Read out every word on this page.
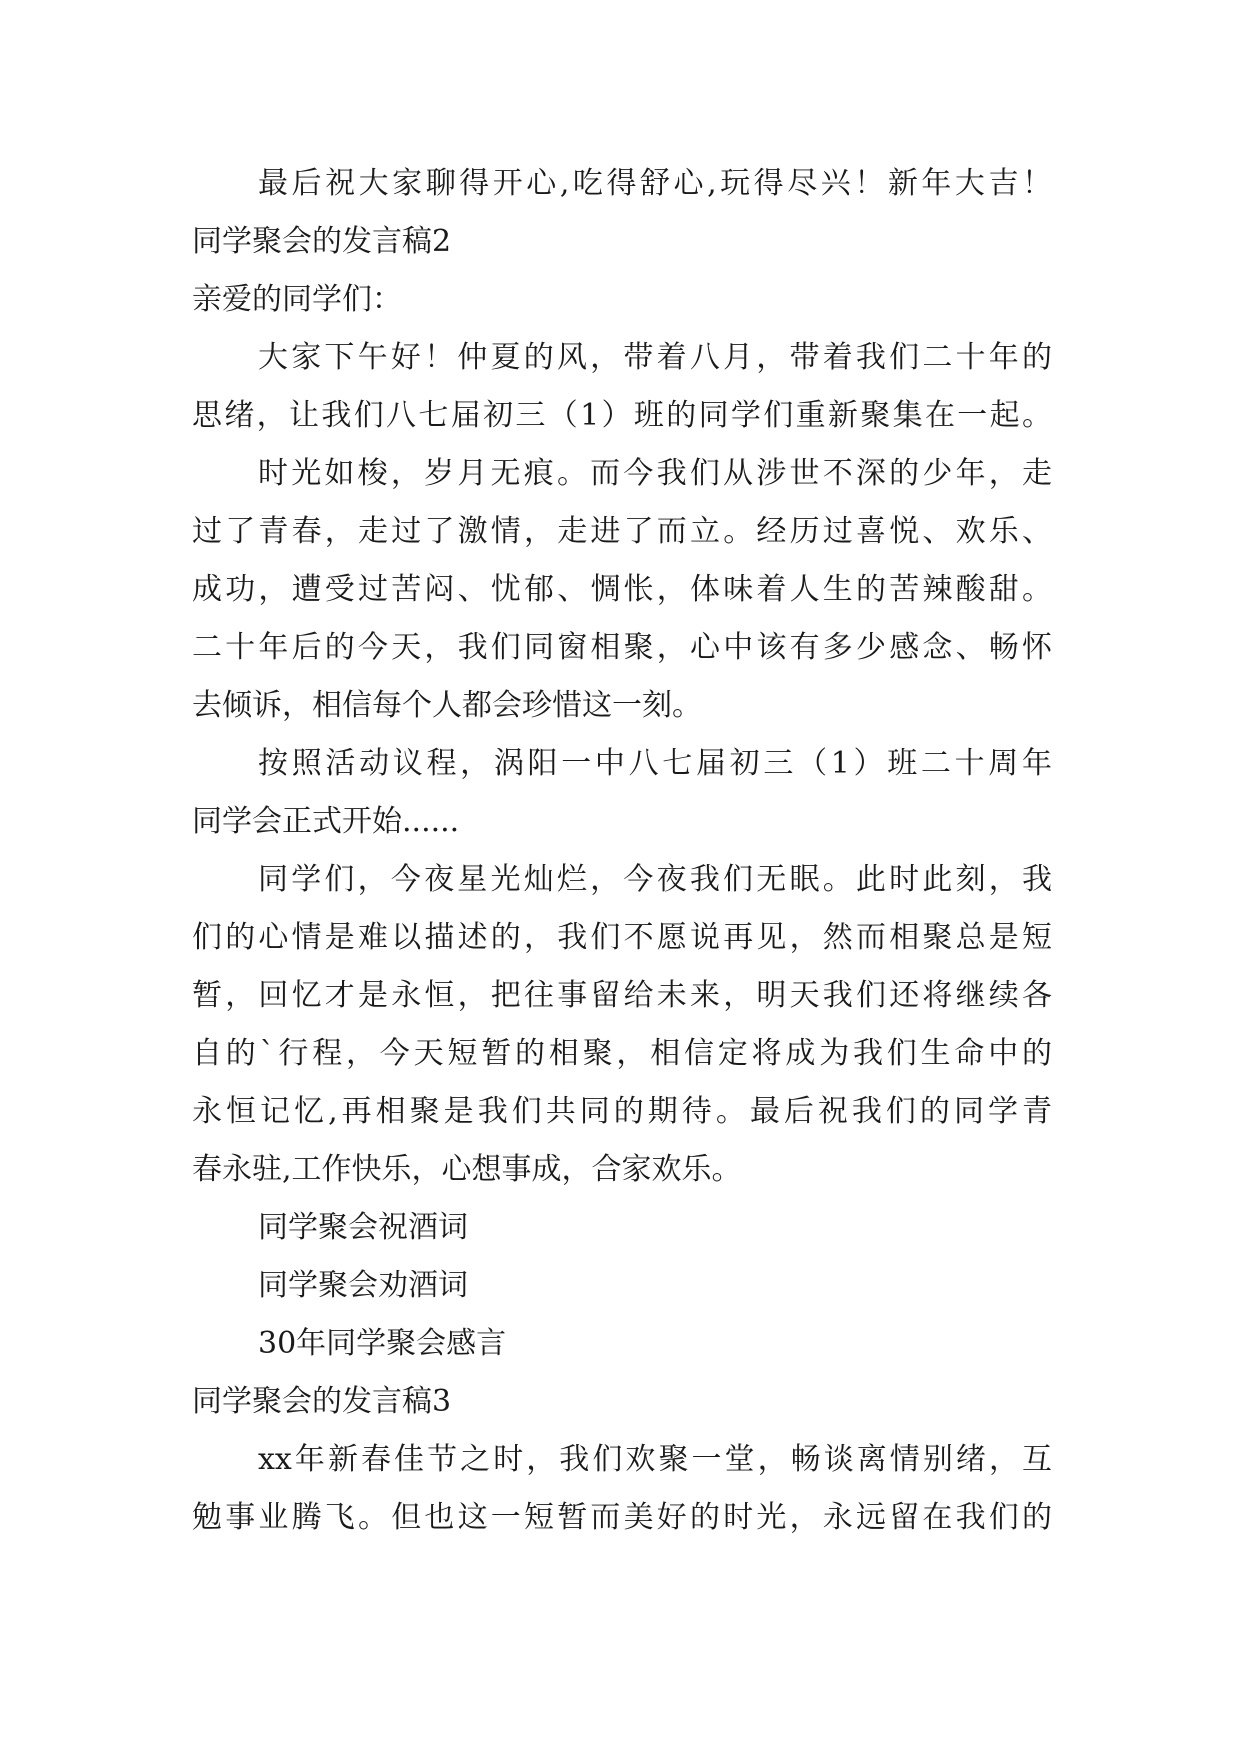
最后祝大家聊得开心,吃得舒心,玩得尽兴！新年大吉！
同学聚会的发言稿2
亲爱的同学们：
大家下午好！仲夏的风，带着八月，带着我们二十年的
思绪，让我们八七届初三（1）班的同学们重新聚集在一起。
时光如梭，岁月无痕。而今我们从涉世不深的少年，走
过了青春，走过了激情，走进了而立。经历过喜悦、欢乐、
成功，遭受过苦闷、忧郁、惆怅，体味着人生的苦辣酸甜。
二十年后的今天，我们同窗相聚，心中该有多少感念、畅怀
去倾诉，相信每个人都会珍惜这一刻。
按照活动议程，涡阳一中八七届初三（1）班二十周年
同学会正式开始......
同学们，今夜星光灿烂，今夜我们无眠。此时此刻，我
们的心情是难以描述的，我们不愿说再见，然而相聚总是短
暂，回忆才是永恒，把往事留给未来，明天我们还将继续各
自的`行程，今天短暂的相聚，相信定将成为我们生命中的
永恒记忆,再相聚是我们共同的期待。最后祝我们的同学青
春永驻,工作快乐，心想事成，合家欢乐。
同学聚会祝酒词
同学聚会劝酒词
30年同学聚会感言
同学聚会的发言稿3
xx年新春佳节之时，我们欢聚一堂，畅谈离情别绪，互
勉事业腾飞。但也这一短暂而美好的时光，永远留在我们的
